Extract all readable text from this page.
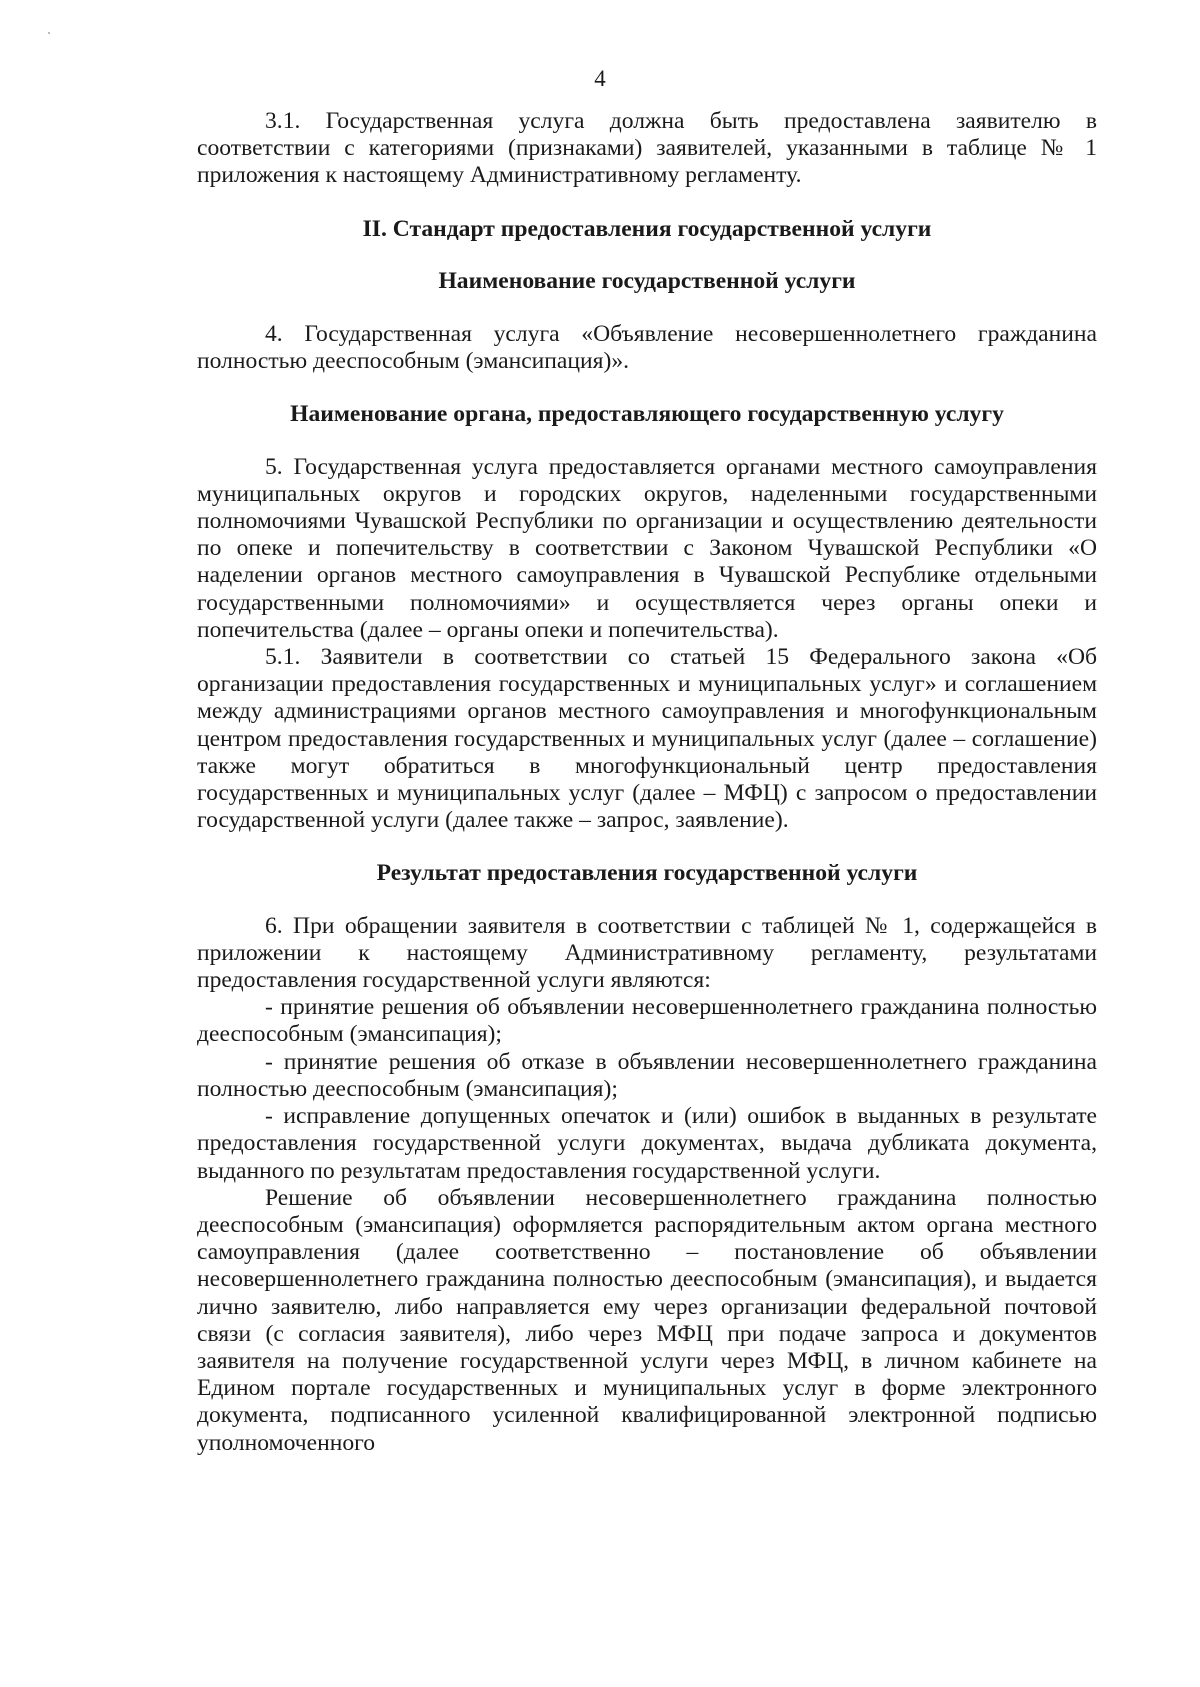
4

3.1. Государственная услуга должна быть предоставлена заявителю в соответствии с категориями (признаками) заявителей, указанными в таблице № 1 приложения к настоящему Административному регламенту.

II. Стандарт предоставления государственной услуги
Наименование государственной услуги

4. Государственная услуга «Объявление несовершеннолетнего гражданина полностью дееспособным (эмансипация)».

Наименование органа, предоставляющего государственную услугу

5. Государственная услуга предоставляется органами местного самоуправления муниципальных округов и городских округов, наделенными государственными полномочиями Чувашской Республики по организации и осуществлению деятельности по опеке и попечительству в соответствии с Законом Чувашской Республики «О наделении органов местного самоуправления в Чувашской Республике отдельными государственными полномочиями» и осуществляется через органы опеки и попечительства (далее – органы опеки и попечительства).

5.1. Заявители в соответствии со статьей 15 Федерального закона «Об организации предоставления государственных и муниципальных услуг» и соглашением между администрациями органов местного самоуправления и многофункциональным центром предоставления государственных и муниципальных услуг (далее – соглашение) также могут обратиться в многофункциональный центр предоставления государственных и муниципальных услуг (далее – МФЦ) с запросом о предоставлении государственной услуги (далее также – запрос, заявление).

Результат предоставления государственной услуги

6. При обращении заявителя в соответствии с таблицей № 1, содержащейся в приложении к настоящему Административному регламенту, результатами предоставления государственной услуги являются:

- принятие решения об объявлении несовершеннолетнего гражданина полностью дееспособным (эмансипация);

- принятие решения об отказе в объявлении несовершеннолетнего гражданина полностью дееспособным (эмансипация);

- исправление допущенных опечаток и (или) ошибок в выданных в результате предоставления государственной услуги документах, выдача дубликата документа, выданного по результатам предоставления государственной услуги.

Решение об объявлении несовершеннолетнего гражданина полностью дееспособным (эмансипация) оформляется распорядительным актом органа местного самоуправления (далее соответственно – постановление об объявлении несовершеннолетнего гражданина полностью дееспособным (эмансипация), и выдается лично заявителю, либо направляется ему через организации федеральной почтовой связи (с согласия заявителя), либо через МФЦ при подаче запроса и документов заявителя на получение государственной услуги через МФЦ, в личном кабинете на Едином портале государственных и муниципальных услуг в форме электронного документа, подписанного усиленной квалифицированной электронной подписью уполномоченного
